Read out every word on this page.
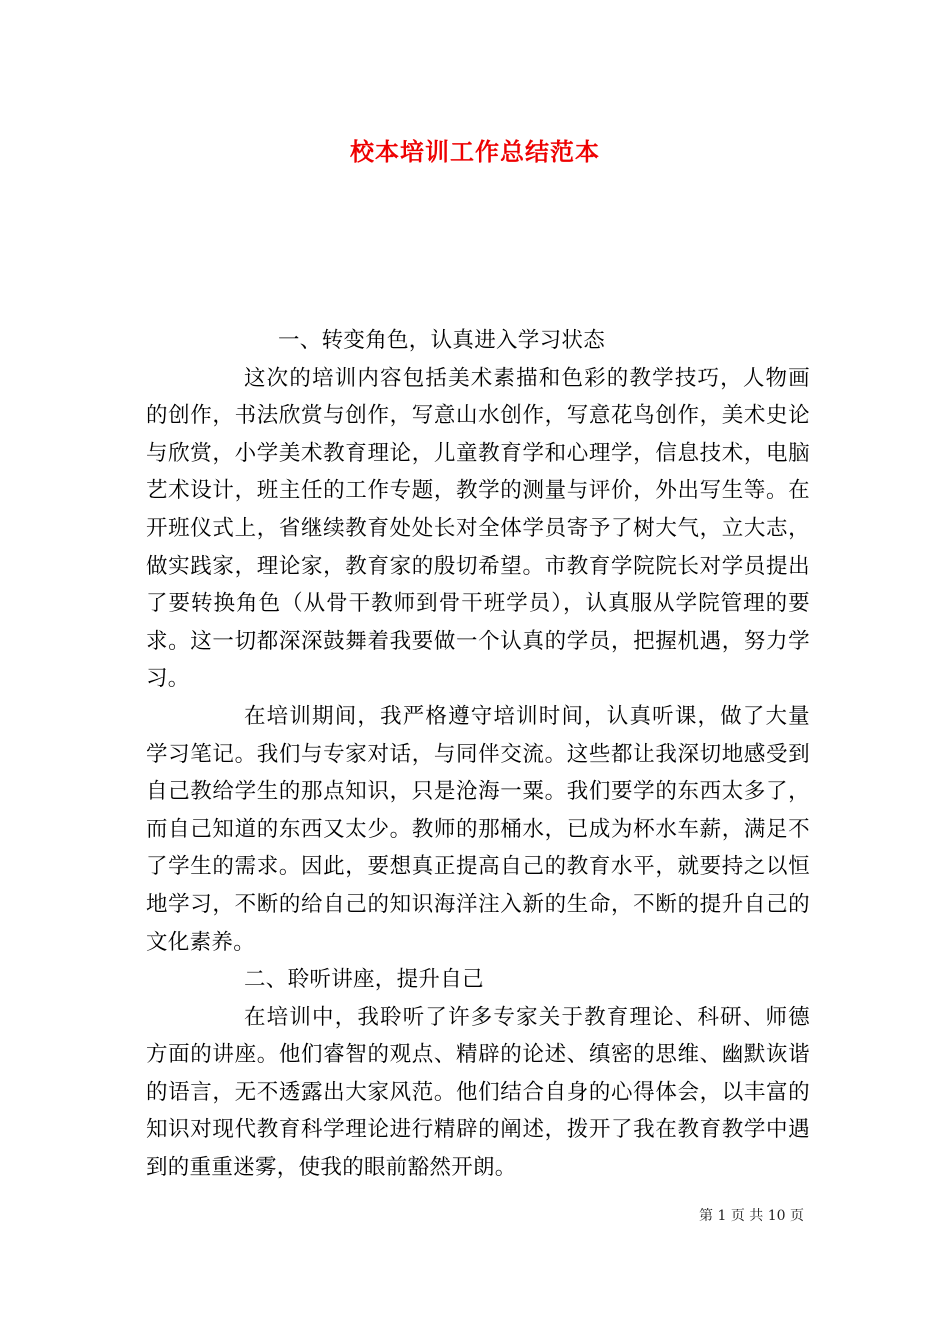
校本培训工作总结范本

一、转变角色，认真进入学习状态

这次的培训内容包括美术素描和色彩的教学技巧，人物画的创作，书法欣赏与创作，写意山水创作，写意花鸟创作，美术史论与欣赏，小学美术教育理论，儿童教育学和心理学，信息技术，电脑艺术设计，班主任的工作专题，教学的测量与评价，外出写生等。在开班仪式上，省继续教育处处长对全体学员寄予了树大气，立大志，做实践家，理论家，教育家的殷切希望。市教育学院院长对学员提出了要转换角色（从骨干教师到骨干班学员），认真服从学院管理的要求。这一切都深深鼓舞着我要做一个认真的学员，把握机遇，努力学习。

在培训期间，我严格遵守培训时间，认真听课，做了大量学习笔记。我们与专家对话，与同伴交流。这些都让我深切地感受到自己教给学生的那点知识，只是沧海一粟。我们要学的东西太多了，而自己知道的东西又太少。教师的那桶水，已成为杯水车薪，满足不了学生的需求。因此，要想真正提高自己的教育水平，就要持之以恒地学习，不断的给自己的知识海洋注入新的生命，不断的提升自己的文化素养。

二、聆听讲座，提升自己

在培训中，我聆听了许多专家关于教育理论、科研、师德方面的讲座。他们睿智的观点、精辟的论述、缜密的思维、幽默诙谐的语言，无不透露出大家风范。他们结合自身的心得体会，以丰富的知识对现代教育科学理论进行精辟的阐述，拨开了我在教育教学中遇到的重重迷雾，使我的眼前豁然开朗。

第 1 页 共 10 页
